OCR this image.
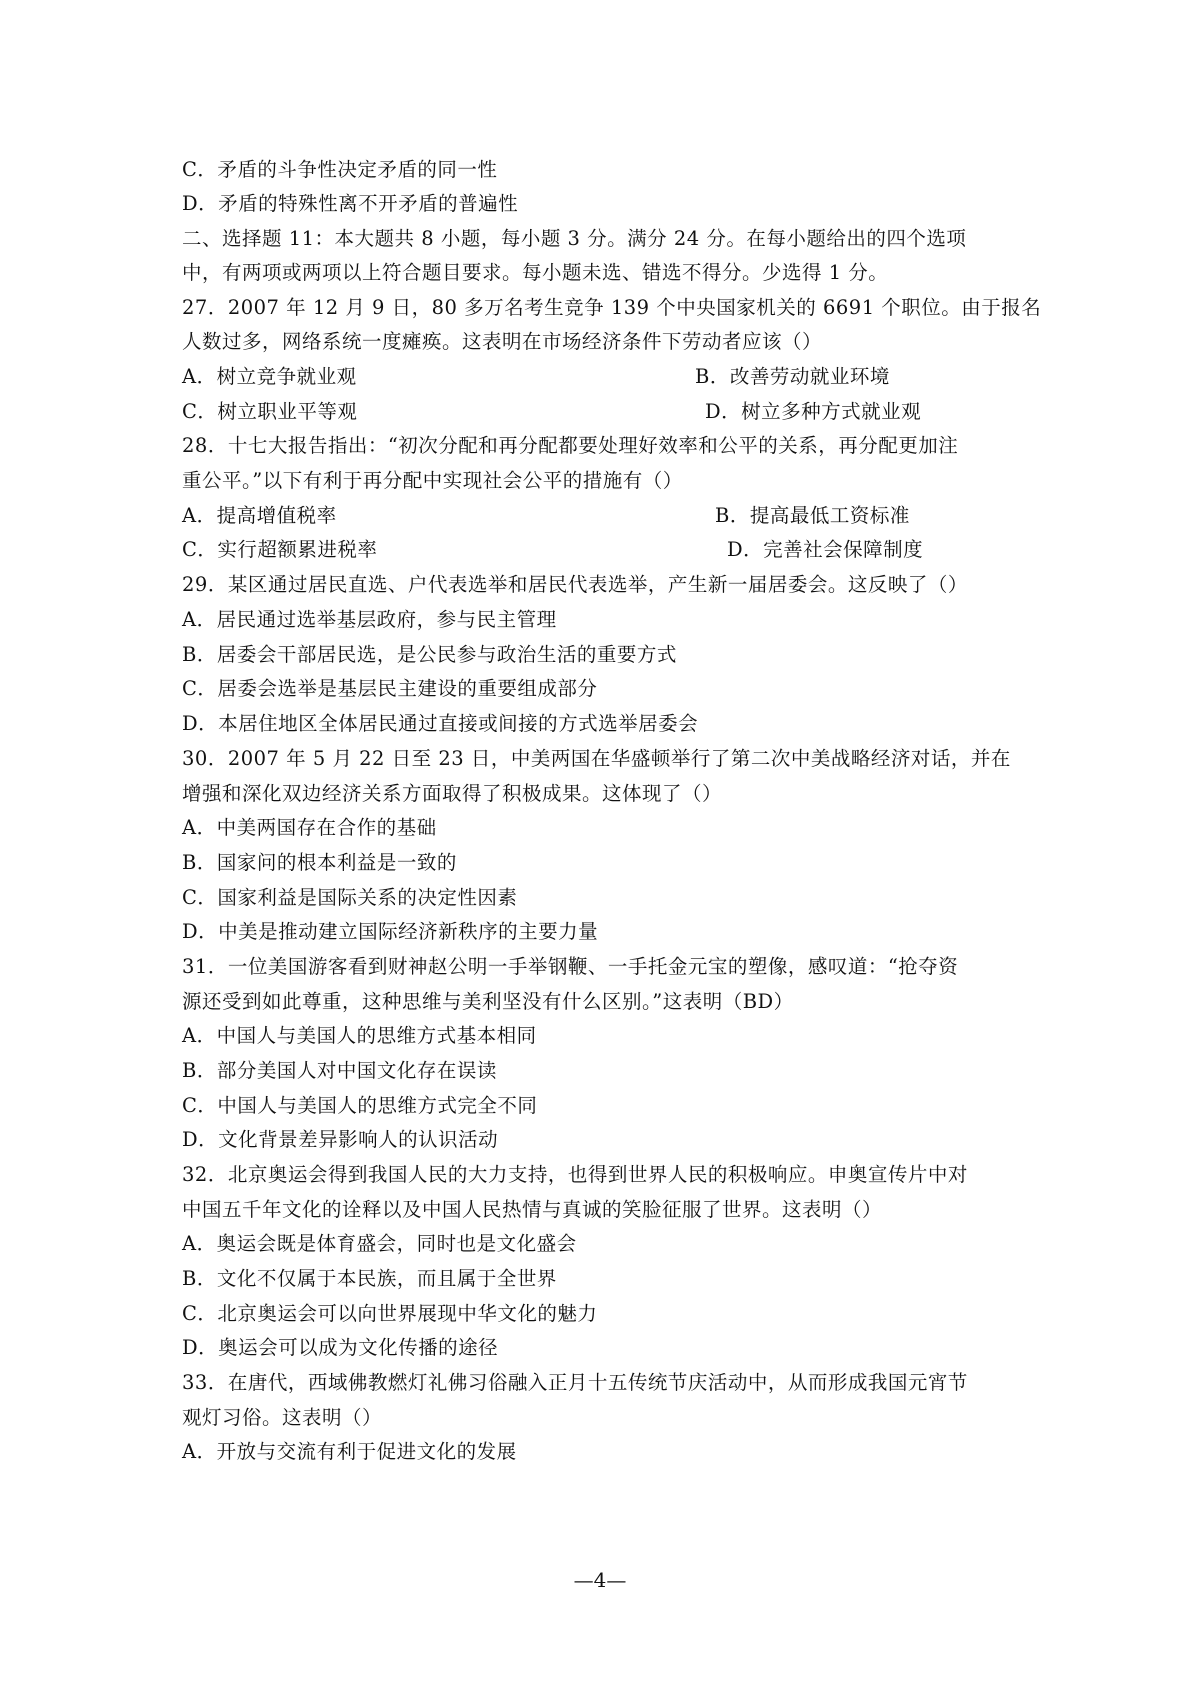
C．矛盾的斗争性决定矛盾的同一性
D．矛盾的特殊性离不开矛盾的普遍性
二、选择题 11：本大题共 8 小题，每小题 3 分。满分 24 分。在每小题给出的四个选项
中，有两项或两项以上符合题目要求。每小题未选、错选不得分。少选得 1 分。
27．2007 年 12 月 9 日，80 多万名考生竞争 139 个中央国家机关的 6691 个职位。由于报名
人数过多，网络系统一度瘫痪。这表明在市场经济条件下劳动者应该（）
A．树立竞争就业观	B．改善劳动就业环境
C．树立职业平等观	D．树立多种方式就业观
28．十七大报告指出：“初次分配和再分配都要处理好效率和公平的关系，再分配更加注
重公平。”以下有利于再分配中实现社会公平的措施有（）
A．提高增值税率	B．提高最低工资标准
C．实行超额累进税率	D．完善社会保障制度
29．某区通过居民直选、户代表选举和居民代表选举，产生新一届居委会。这反映了（）
A．居民通过选举基层政府，参与民主管理
B．居委会干部居民选，是公民参与政治生活的重要方式
C．居委会选举是基层民主建设的重要组成部分
D．本居住地区全体居民通过直接或间接的方式选举居委会
30．2007 年 5 月 22 日至 23 日，中美两国在华盛顿举行了第二次中美战略经济对话，并在
增强和深化双边经济关系方面取得了积极成果。这体现了（）
A．中美两国存在合作的基础
B．国家问的根本利益是一致的
C．国家利益是国际关系的决定性因素
D．中美是推动建立国际经济新秩序的主要力量
31．一位美国游客看到财神赵公明一手举钢鞭、一手托金元宝的塑像，感叹道：“抢夺资
源还受到如此尊重，这种思维与美利坚没有什么区别。”这表明（BD）
A．中国人与美国人的思维方式基本相同
B．部分美国人对中国文化存在误读
C．中国人与美国人的思维方式完全不同
D．文化背景差异影响人的认识活动
32．北京奥运会得到我国人民的大力支持，也得到世界人民的积极响应。申奥宣传片中对
中国五千年文化的诠释以及中国人民热情与真诚的笑脸征服了世界。这表明（）
A．奥运会既是体育盛会，同时也是文化盛会
B．文化不仅属于本民族，而且属于全世界
C．北京奥运会可以向世界展现中华文化的魅力
D．奥运会可以成为文化传播的途径
33．在唐代，西域佛教燃灯礼佛习俗融入正月十五传统节庆活动中，从而形成我国元宵节
观灯习俗。这表明（）
A．开放与交流有利于促进文化的发展
—4—
